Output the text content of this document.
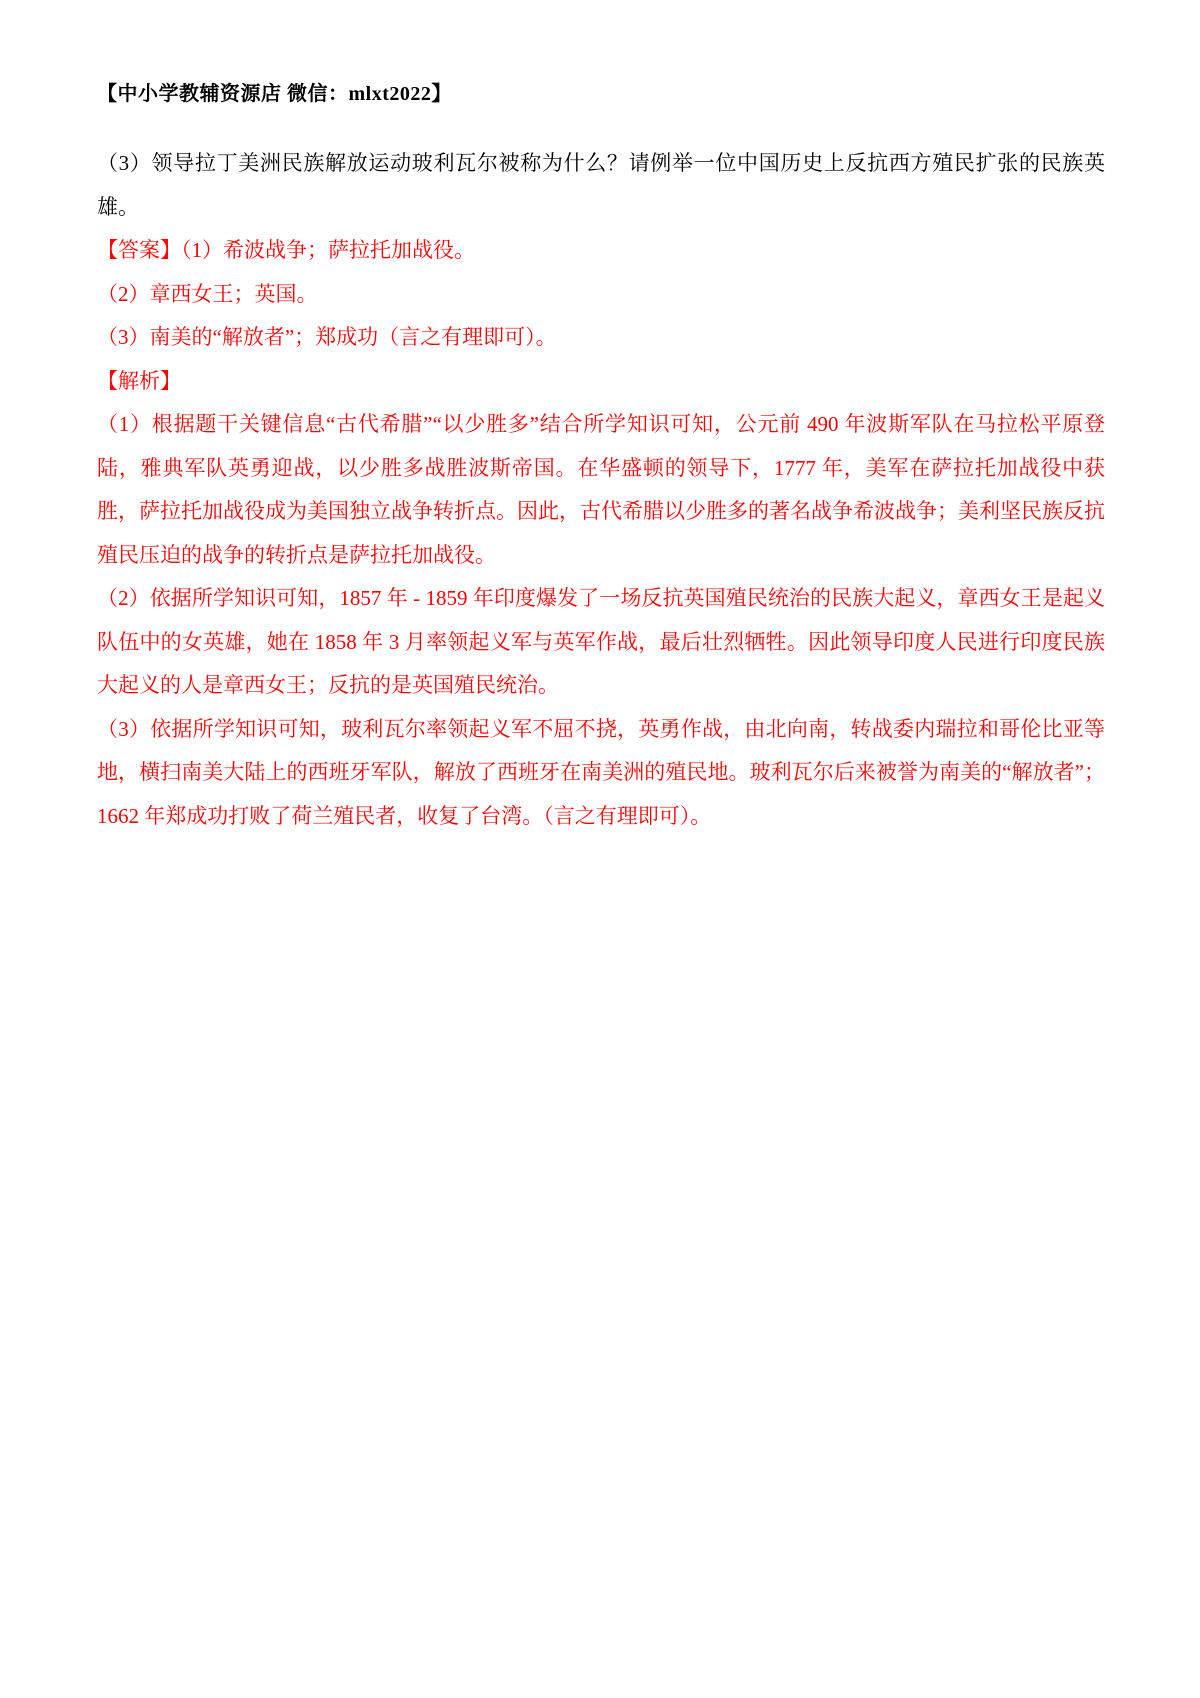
【中小学教辅资源店 微信：mlxt2022】

（3）领导拉丁美洲民族解放运动玻利瓦尔被称为什么？请例举一位中国历史上反抗西方殖民扩张的民族英雄。

【答案】（1）希波战争；萨拉托加战役。

（2）章西女王；英国。

（3）南美的“解放者”；郑成功（言之有理即可）。

【解析】

（1）根据题干关键信息“古代希腊”“以少胜多”结合所学知识可知，公元前 490 年波斯军队在马拉松平原登陆，雅典军队英勇迎战，以少胜多战胜波斯帝国。在华盛顿的领导下，1777 年，美军在萨拉托加战役中获胜，萨拉托加战役成为美国独立战争转折点。因此，古代希腊以少胜多的著名战争希波战争；美利坚民族反抗殖民压迫的战争的转折点是萨拉托加战役。

（2）依据所学知识可知，1857 年 - 1859 年印度爆发了一场反抗英国殖民统治的民族大起义，章西女王是起义队伍中的女英雄，她在 1858 年 3 月率领起义军与英军作战，最后壮烈牺牲。因此领导印度人民进行印度民族大起义的人是章西女王；反抗的是英国殖民统治。

（3）依据所学知识可知，玻利瓦尔率领起义军不屈不挠，英勇作战，由北向南，转战委内瑞拉和哥伦比亚等地，横扫南美大陆上的西班牙军队，解放了西班牙在南美洲的殖民地。玻利瓦尔后来被誉为南美的“解放者”；1662 年郑成功打败了荷兰殖民者，收复了台湾。（言之有理即可）。
